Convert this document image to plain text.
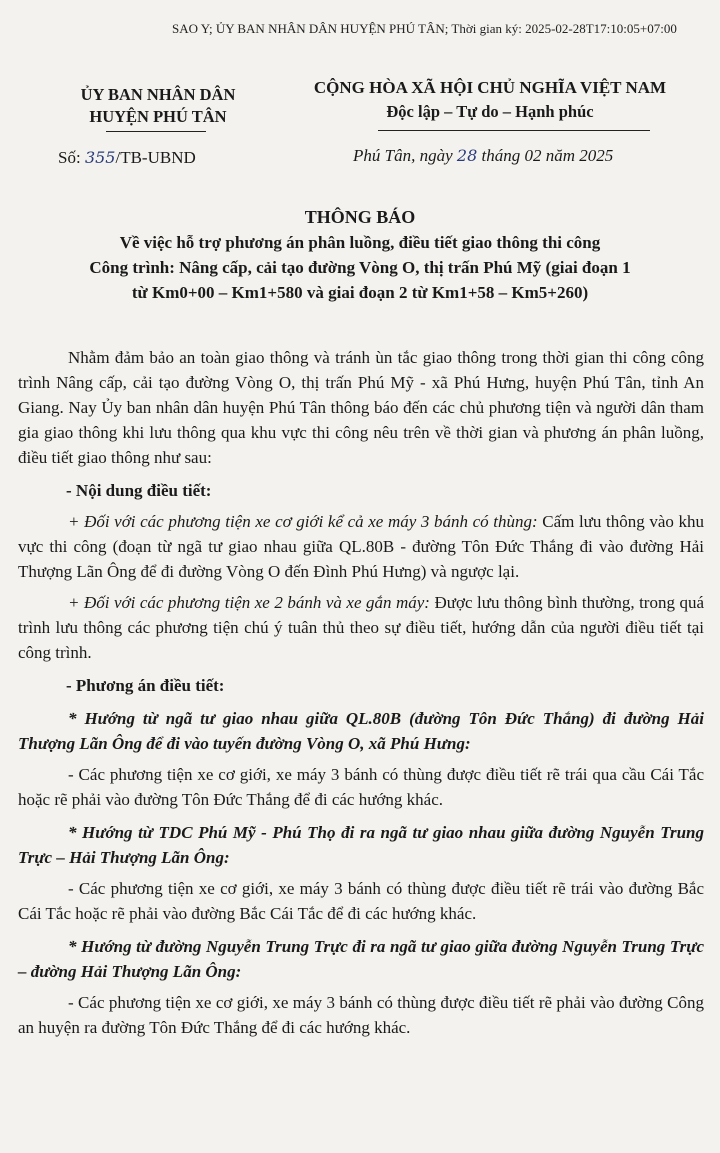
SAO Y; ỦY BAN NHÂN DÂN HUYỆN PHÚ TÂN; Thời gian ký: 2025-02-28T17:10:05+07:00
ỦY BAN NHÂN DÂN
HUYỆN PHÚ TÂN
CỘNG HÒA XÃ HỘI CHỦ NGHĨA VIỆT NAM
Độc lập – Tự do – Hạnh phúc
Số: 355/TB-UBND	Phú Tân, ngày 28 tháng 02 năm 2025
THÔNG BÁO
Về việc hỗ trợ phương án phân luồng, điều tiết giao thông thi công
Công trình: Nâng cấp, cải tạo đường Vòng O, thị trấn Phú Mỹ (giai đoạn 1
từ Km0+00 – Km1+580 và giai đoạn 2 từ Km1+58 – Km5+260)

Nhằm đảm bảo an toàn giao thông và tránh ùn tắc giao thông trong thời gian thi công công trình Nâng cấp, cải tạo đường Vòng O, thị trấn Phú Mỹ - xã Phú Hưng, huyện Phú Tân, tỉnh An Giang. Nay Ủy ban nhân dân huyện Phú Tân thông báo đến các chủ phương tiện và người dân tham gia giao thông khi lưu thông qua khu vực thi công nêu trên về thời gian và phương án phân luồng, điều tiết giao thông như sau:

- Nội dung điều tiết:

+ Đối với các phương tiện xe cơ giới kể cả xe máy 3 bánh có thùng: Cấm lưu thông vào khu vực thi công (đoạn từ ngã tư giao nhau giữa QL.80B - đường Tôn Đức Thắng đi vào đường Hải Thượng Lãn Ông để đi đường Vòng O đến Đình Phú Hưng) và ngược lại.

+ Đối với các phương tiện xe 2 bánh và xe gắn máy: Được lưu thông bình thường, trong quá trình lưu thông các phương tiện chú ý tuân thủ theo sự điều tiết, hướng dẫn của người điều tiết tại công trình.

- Phương án điều tiết:

* Hướng từ ngã tư giao nhau giữa QL.80B (đường Tôn Đức Thắng) đi đường Hải Thượng Lãn Ông để đi vào tuyến đường Vòng O, xã Phú Hưng:

- Các phương tiện xe cơ giới, xe máy 3 bánh có thùng được điều tiết rẽ trái qua cầu Cái Tắc hoặc rẽ phải vào đường Tôn Đức Thắng để đi các hướng khác.

* Hướng từ TDC Phú Mỹ - Phú Thọ đi ra ngã tư giao nhau giữa đường Nguyễn Trung Trực – Hải Thượng Lãn Ông:

- Các phương tiện xe cơ giới, xe máy 3 bánh có thùng được điều tiết rẽ trái vào đường Bắc Cái Tắc hoặc rẽ phải vào đường Bắc Cái Tắc để đi các hướng khác.

* Hướng từ đường Nguyễn Trung Trực đi ra ngã tư giao giữa đường Nguyễn Trung Trực – đường Hải Thượng Lãn Ông:

- Các phương tiện xe cơ giới, xe máy 3 bánh có thùng được điều tiết rẽ phải vào đường Công an huyện ra đường Tôn Đức Thắng để đi các hướng khác.
